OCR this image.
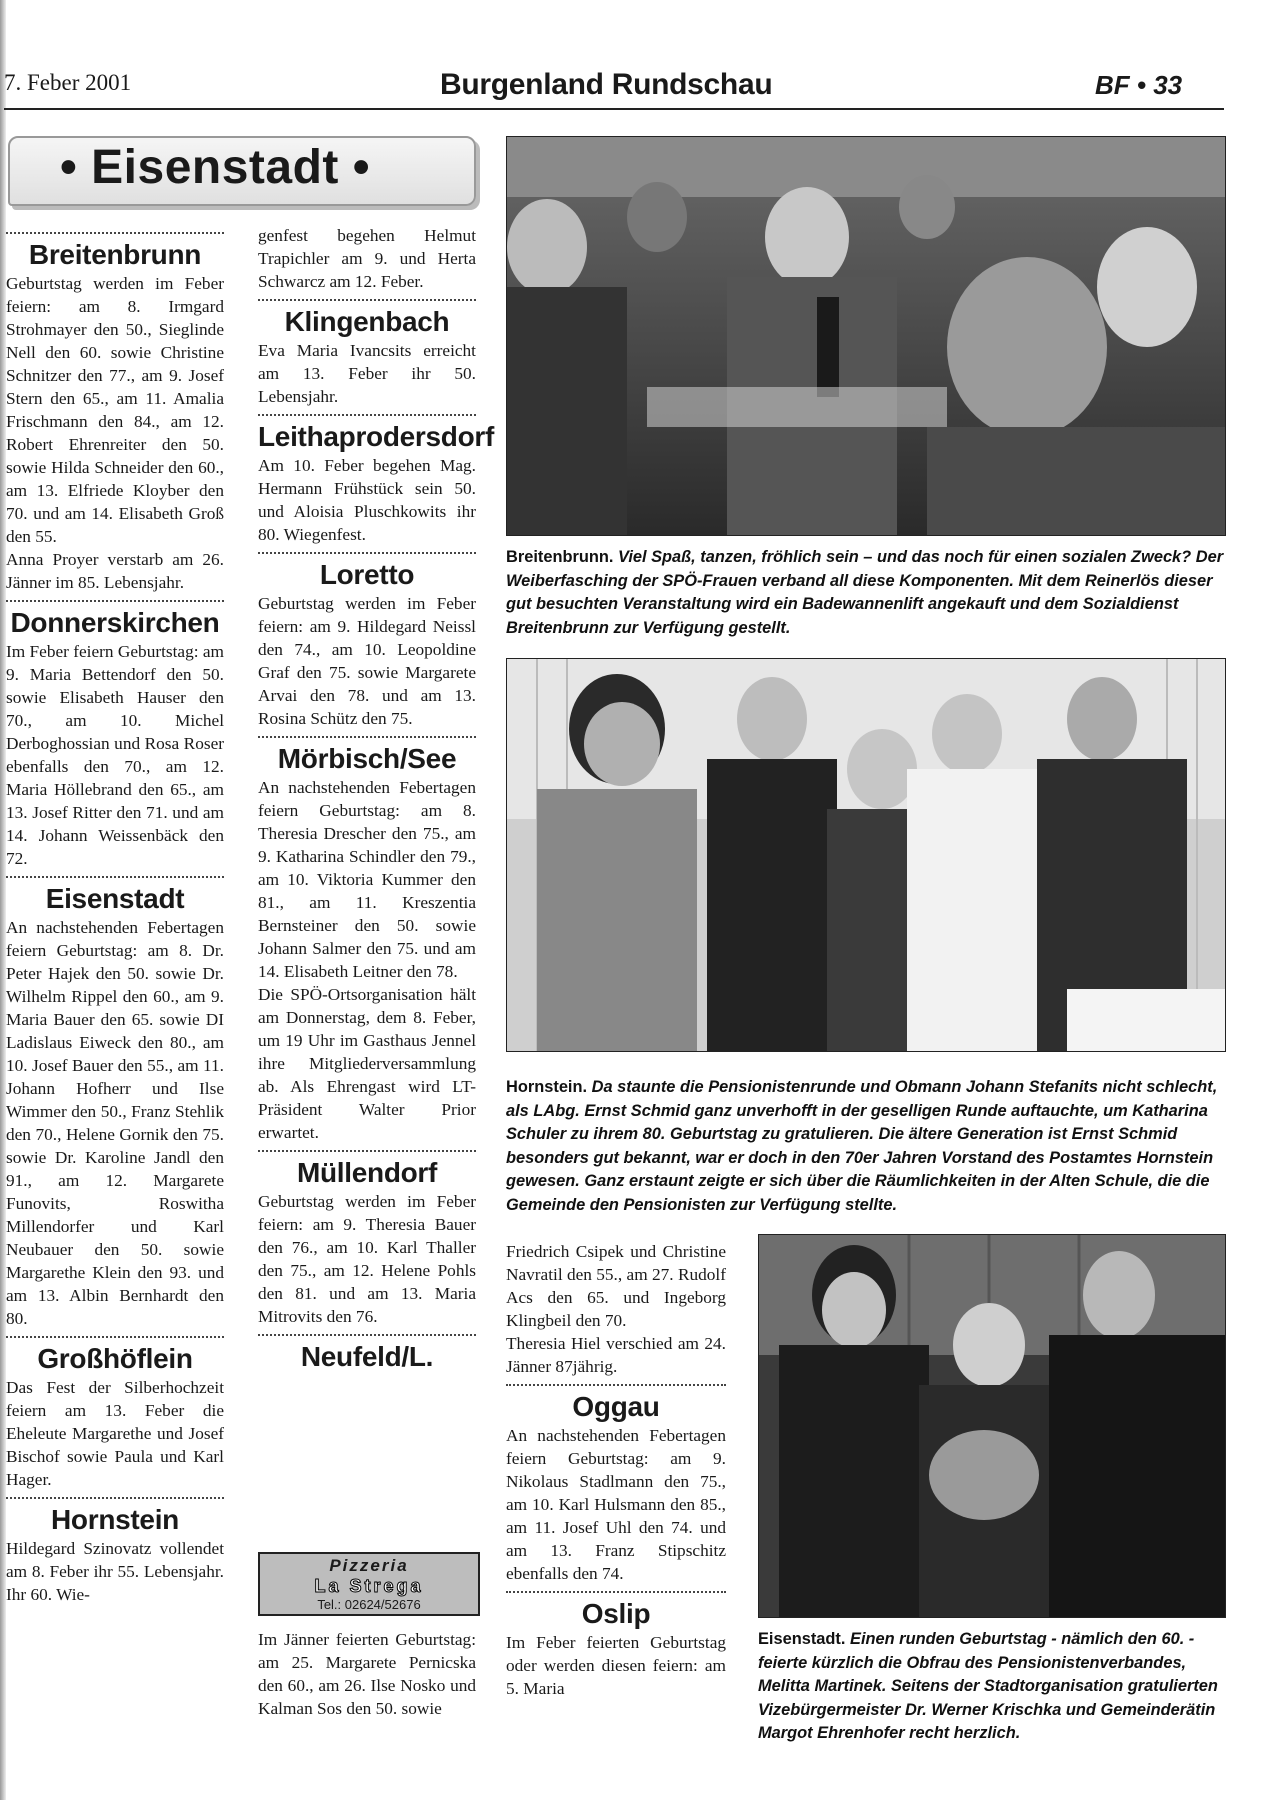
7. Feber 2001	Burgenland Rundschau	BF • 33
• Eisenstadt •
Breitenbrunn

Geburtstag werden im Feber feiern: am 8. Irmgard Strohmayer den 50., Sieglinde Nell den 60. sowie Christine Schnitzer den 77., am 9. Josef Stern den 65., am 11. Amalia Frischmann den 84., am 12. Robert Ehrenreiter den 50. sowie Hilda Schneider den 60., am 13. Elfriede Kloyber den 70. und am 14. Elisabeth Groß den 55.

Anna Proyer verstarb am 26. Jänner im 85. Lebensjahr.

Donnerskirchen

Im Feber feiern Geburtstag: am 9. Maria Bettendorf den 50. sowie Elisabeth Hauser den 70., am 10. Michel Derboghossian und Rosa Roser ebenfalls den 70., am 12. Maria Höllebrand den 65., am 13. Josef Ritter den 71. und am 14. Johann Weissenbäck den 72.

Eisenstadt

An nachstehenden Febertagen feiern Geburtstag: am 8. Dr. Peter Hajek den 50. sowie Dr. Wilhelm Rippel den 60., am 9. Maria Bauer den 65. sowie DI Ladislaus Eiweck den 80., am 10. Josef Bauer den 55., am 11. Johann Hofherr und Ilse Wimmer den 50., Franz Stehlik den 70., Helene Gornik den 75. sowie Dr. Karoline Jandl den 91., am 12. Margarete Funovits, Roswitha Millendorfer und Karl Neubauer den 50. sowie Margarethe Klein den 93. und am 13. Albin Bernhardt den 80.

Großhöflein

Das Fest der Silberhochzeit feiern am 13. Feber die Eheleute Margarethe und Josef Bischof sowie Paula und Karl Hager.

Hornstein

Hildegard Szinovatz vollendet am 8. Feber ihr 55. Lebensjahr. Ihr 60. Wie-

genfest begehen Helmut Trapichler am 9. und Herta Schwarcz am 12. Feber.

Klingenbach

Eva Maria Ivancsits erreicht am 13. Feber ihr 50. Lebensjahr.

Leithaprodersdorf

Am 10. Feber begehen Mag. Hermann Frühstück sein 50. und Aloisia Pluschkowits ihr 80. Wiegenfest.

Loretto

Geburtstag werden im Feber feiern: am 9. Hildegard Neissl den 74., am 10. Leopoldine Graf den 75. sowie Margarete Arvai den 78. und am 13. Rosina Schütz den 75.

Mörbisch/See

An nachstehenden Febertagen feiern Geburtstag: am 8. Theresia Drescher den 75., am 9. Katharina Schindler den 79., am 10. Viktoria Kummer den 81., am 11. Kreszentia Bernsteiner den 50. sowie Johann Salmer den 75. und am 14. Elisabeth Leitner den 78.

Die SPÖ-Ortsorganisation hält am Donnerstag, dem 8. Feber, um 19 Uhr im Gasthaus Jennel ihre Mitgliederversammlung ab. Als Ehrengast wird LT-Präsident Walter Prior erwartet.

Müllendorf

Geburtstag werden im Feber feiern: am 9. Theresia Bauer den 76., am 10. Karl Thaller den 75., am 12. Helene Pohls den 81. und am 13. Maria Mitrovits den 76.

Neufeld/L.
Pizzeria
La Strega
Tel.: 02624/52676

Im Jänner feierten Geburtstag: am 25. Margarete Pernicska den 60., am 26. Ilse Nosko und Kalman Sos den 50. sowie

Breitenbrunn. Viel Spaß, tanzen, fröhlich sein – und das noch für einen sozialen Zweck? Der Weiberfasching der SPÖ-Frauen verband all diese Komponenten. Mit dem Reinerlös dieser gut besuchten Veranstaltung wird ein Badewannenlift angekauft und dem Sozialdienst Breitenbrunn zur Verfügung gestellt.
Hornstein. Da staunte die Pensionistenrunde und Obmann Johann Stefanits nicht schlecht, als LAbg. Ernst Schmid ganz unverhofft in der geselligen Runde auftauchte, um Katharina Schuler zu ihrem 80. Geburtstag zu gratulieren. Die ältere Generation ist Ernst Schmid besonders gut bekannt, war er doch in den 70er Jahren Vorstand des Postamtes Hornstein gewesen. Ganz erstaunt zeigte er sich über die Räumlichkeiten in der Alten Schule, die die Gemeinde den Pensionisten zur Verfügung stellte.

Friedrich Csipek und Christine Navratil den 55., am 27. Rudolf Acs den 65. und Ingeborg Klingbeil den 70.

Theresia Hiel verschied am 24. Jänner 87jährig.

Oggau

An nachstehenden Febertagen feiern Geburtstag: am 9. Nikolaus Stadlmann den 75., am 10. Karl Hulsmann den 85., am 11. Josef Uhl den 74. und am 13. Franz Stipschitz ebenfalls den 74.

Oslip

Im Feber feierten Geburtstag oder werden diesen feiern: am 5. Maria

Eisenstadt. Einen runden Geburtstag - nämlich den 60. - feierte kürzlich die Obfrau des Pensionistenverbandes, Melitta Martinek. Seitens der Stadtorganisation gratulierten Vizebürgermeister Dr. Werner Krischka und Gemeinderätin Margot Ehrenhofer recht herzlich.
